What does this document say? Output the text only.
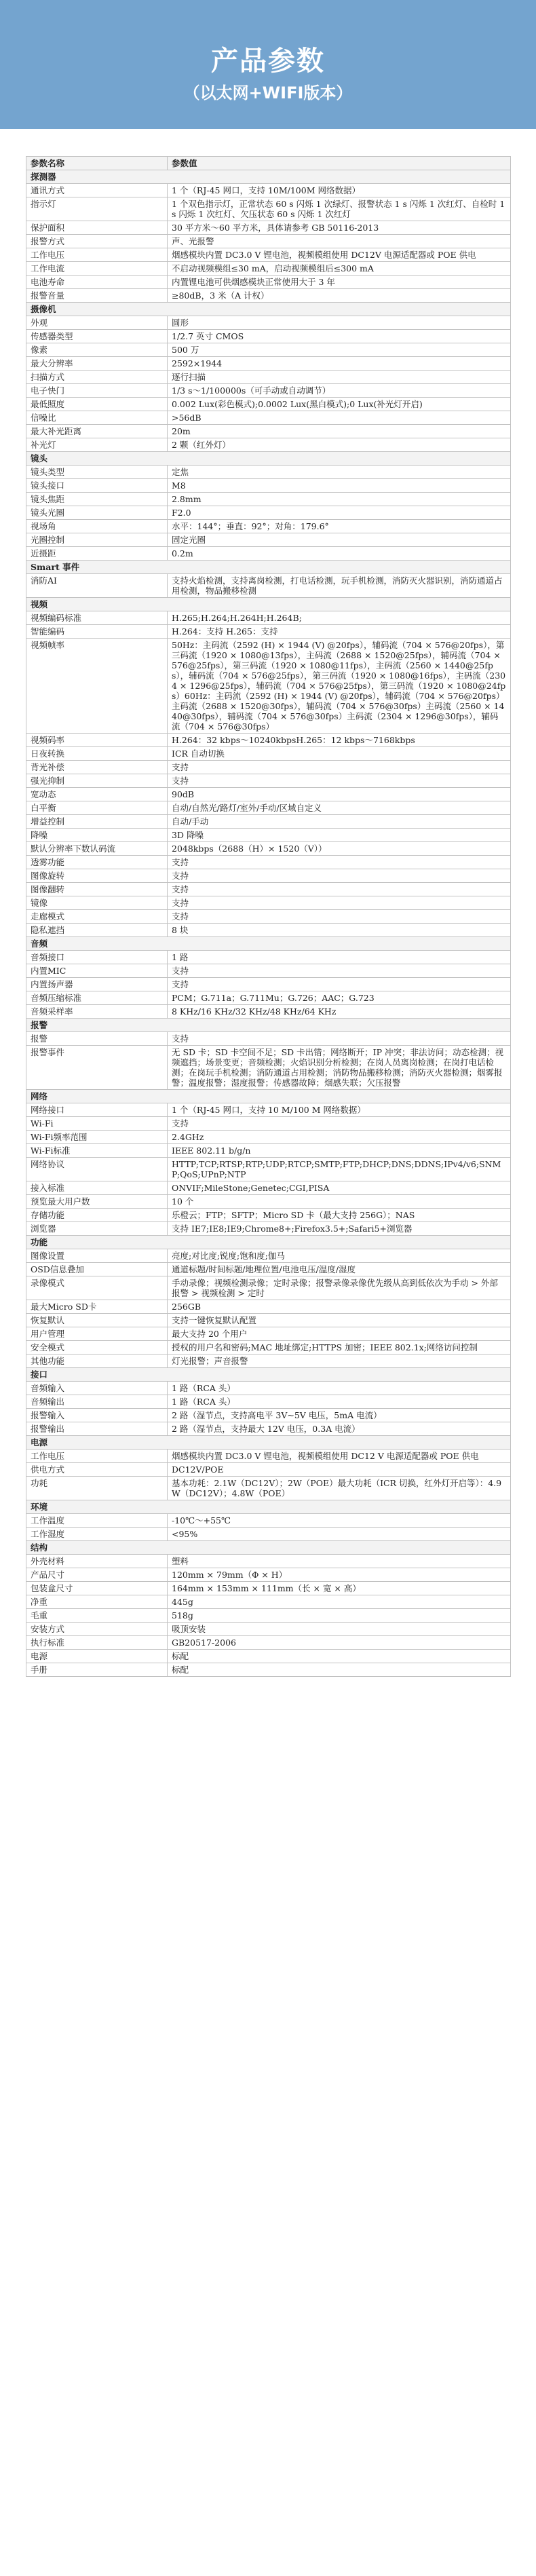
产品参数
（以太网+WIFI版本）
参数名称	参数值
探测器	
通讯方式	1 个（RJ-45 网口，支持 10M/100M 网络数据）
指示灯	1 个双色指示灯，正常状态 60 s 闪烁 1 次绿灯、报警状态 1 s 闪烁 1 次红灯、自检时 1 s 闪烁 1 次红灯、欠压状态 60 s 闪烁 1 次红灯
保护面积	30 平方米～60 平方米，具体请参考 GB 50116-2013
报警方式	声、光报警
工作电压	烟感模块内置 DC3.0 V 锂电池，视频模组使用 DC12V 电源适配器或 POE 供电
工作电流	不启动视频模组≤30 mA，启动视频模组后≤300 mA
电池寿命	内置锂电池可供烟感模块正常使用大于 3 年
报警音量	≥80dB，3 米（A 计权）
摄像机	
外观	圆形
传感器类型	1/2.7 英寸 CMOS
像素	500 万
最大分辨率	2592×1944
扫描方式	逐行扫描
电子快门	1/3 s～1/100000s（可手动或自动调节）
最低照度	0.002 Lux(彩色模式);0.0002 Lux(黑白模式);0 Lux(补光灯开启)
信噪比	>56dB
最大补光距离	20m
补光灯	2 颗（红外灯）
镜头	
镜头类型	定焦
镜头接口	M8
镜头焦距	2.8mm
镜头光圈	F2.0
视场角	水平：144°；垂直：92°；对角：179.6°
光圈控制	固定光圈
近摄距	0.2m
Smart 事件	
消防AI	支持火焰检测，支持离岗检测，打电话检测，玩手机检测，消防灭火器识别，消防通道占用检测，物品搬移检测
视频	
视频编码标准	H.265;H.264;H.264H;H.264B;
智能编码	H.264：支持 H.265：支持
视频帧率	50Hz：主码流（2592 (H) × 1944 (V) @20fps），辅码流（704 × 576@20fps），第三码流（1920 × 1080@13fps），主码流（2688 × 1520@25fps），辅码流（704 × 576@25fps），第三码流（1920 × 1080@11fps），主码流（2560 × 1440@25fps），辅码流（704 × 576@25fps），第三码流（1920 × 1080@16fps），主码流（2304 × 1296@25fps），辅码流（704 × 576@25fps），第三码流（1920 × 1080@24fps）60Hz：主码流（2592 (H) × 1944 (V) @20fps），辅码流（704 × 576@20fps）主码流（2688 × 1520@30fps），辅码流（704 × 576@30fps）主码流（2560 × 1440@30fps），辅码流（704 × 576@30fps）主码流（2304 × 1296@30fps），辅码流（704 × 576@30fps）
视频码率	H.264：32 kbps～10240kbpsH.265：12 kbps～7168kbps
日夜转换	ICR 自动切换
背光补偿	支持
强光抑制	支持
宽动态	90dB
白平衡	自动/自然光/路灯/室外/手动/区域自定义
增益控制	自动/手动
降噪	3D 降噪
默认分辨率下数认码流	2048kbps（2688（H）× 1520（V））
透雾功能	支持
图像旋转	支持
图像翻转	支持
镜像	支持
走廊模式	支持
隐私遮挡	8 块
音频	
音频接口	1 路
内置MIC	支持
内置扬声器	支持
音频压缩标准	PCM；G.711a；G.711Mu；G.726；AAC；G.723
音频采样率	8 KHz/16 KHz/32 KHz/48 KHz/64 KHz
报警	
报警	支持
报警事件	无 SD 卡；SD 卡空间不足；SD 卡出错；网络断开；IP 冲突；非法访问；动态检测；视频遮挡；场景变更；音频检测；火焰识别分析检测；在岗人员离岗检测；在岗打电话检测；在岗玩手机检测；消防通道占用检测；消防物品搬移检测；消防灭火器检测；烟雾报警；温度报警；湿度报警；传感器故障；烟感失联；欠压报警
网络	
网络接口	1 个（RJ-45 网口，支持 10 M/100 M 网络数据）
Wi-Fi	支持
Wi-Fi频率范围	2.4GHz
Wi-Fi标准	IEEE 802.11 b/g/n
网络协议	HTTP;TCP;RTSP;RTP;UDP;RTCP;SMTP;FTP;DHCP;DNS;DDNS;IPv4/v6;SNMP;QoS;UPnP;NTP
接入标准	ONVIF;MileStone;Genetec;CGI,PISA
预览最大用户数	10 个
存储功能	乐橙云；FTP；SFTP；Micro SD 卡（最大支持 256G）；NAS
浏览器	支持 IE7;IE8;IE9;Chrome8+;Firefox3.5+;Safari5+浏览器
功能	
图像设置	亮度;对比度;锐度;饱和度;伽马
OSD信息叠加	通道标题/时间标题/地理位置/电池电压/温度/湿度
录像模式	手动录像；视频检测录像；定时录像；报警录像录像优先级从高到低依次为手动 > 外部报警 > 视频检测 > 定时
最大Micro SD卡	256GB
恢复默认	支持一键恢复默认配置
用户管理	最大支持 20 个用户
安全模式	授权的用户名和密码;MAC 地址绑定;HTTPS 加密；IEEE 802.1x;网络访问控制
其他功能	灯光报警；声音报警
接口	
音频输入	1 路（RCA 头）
音频输出	1 路（RCA 头）
报警输入	2 路（湿节点，支持高电平 3V~5V 电压，5mA 电流）
报警输出	2 路（湿节点，支持最大 12V 电压，0.3A 电流）
电源	
工作电压	烟感模块内置 DC3.0 V 锂电池，视频模组使用 DC12 V 电源适配器或 POE 供电
供电方式	DC12V/POE
功耗	基本功耗：2.1W（DC12V）；2W（POE）最大功耗（ICR 切换，红外灯开启等）：4.9W（DC12V）；4.8W（POE）
环境	
工作温度	-10℃～+55℃
工作湿度	<95%
结构	
外壳材料	塑料
产品尺寸	120mm × 79mm（Φ × H）
包装盒尺寸	164mm × 153mm × 111mm（长 × 宽 × 高）
净重	445g
毛重	518g
安装方式	吸顶安装
执行标准	GB20517-2006
电源	标配
手册	标配
